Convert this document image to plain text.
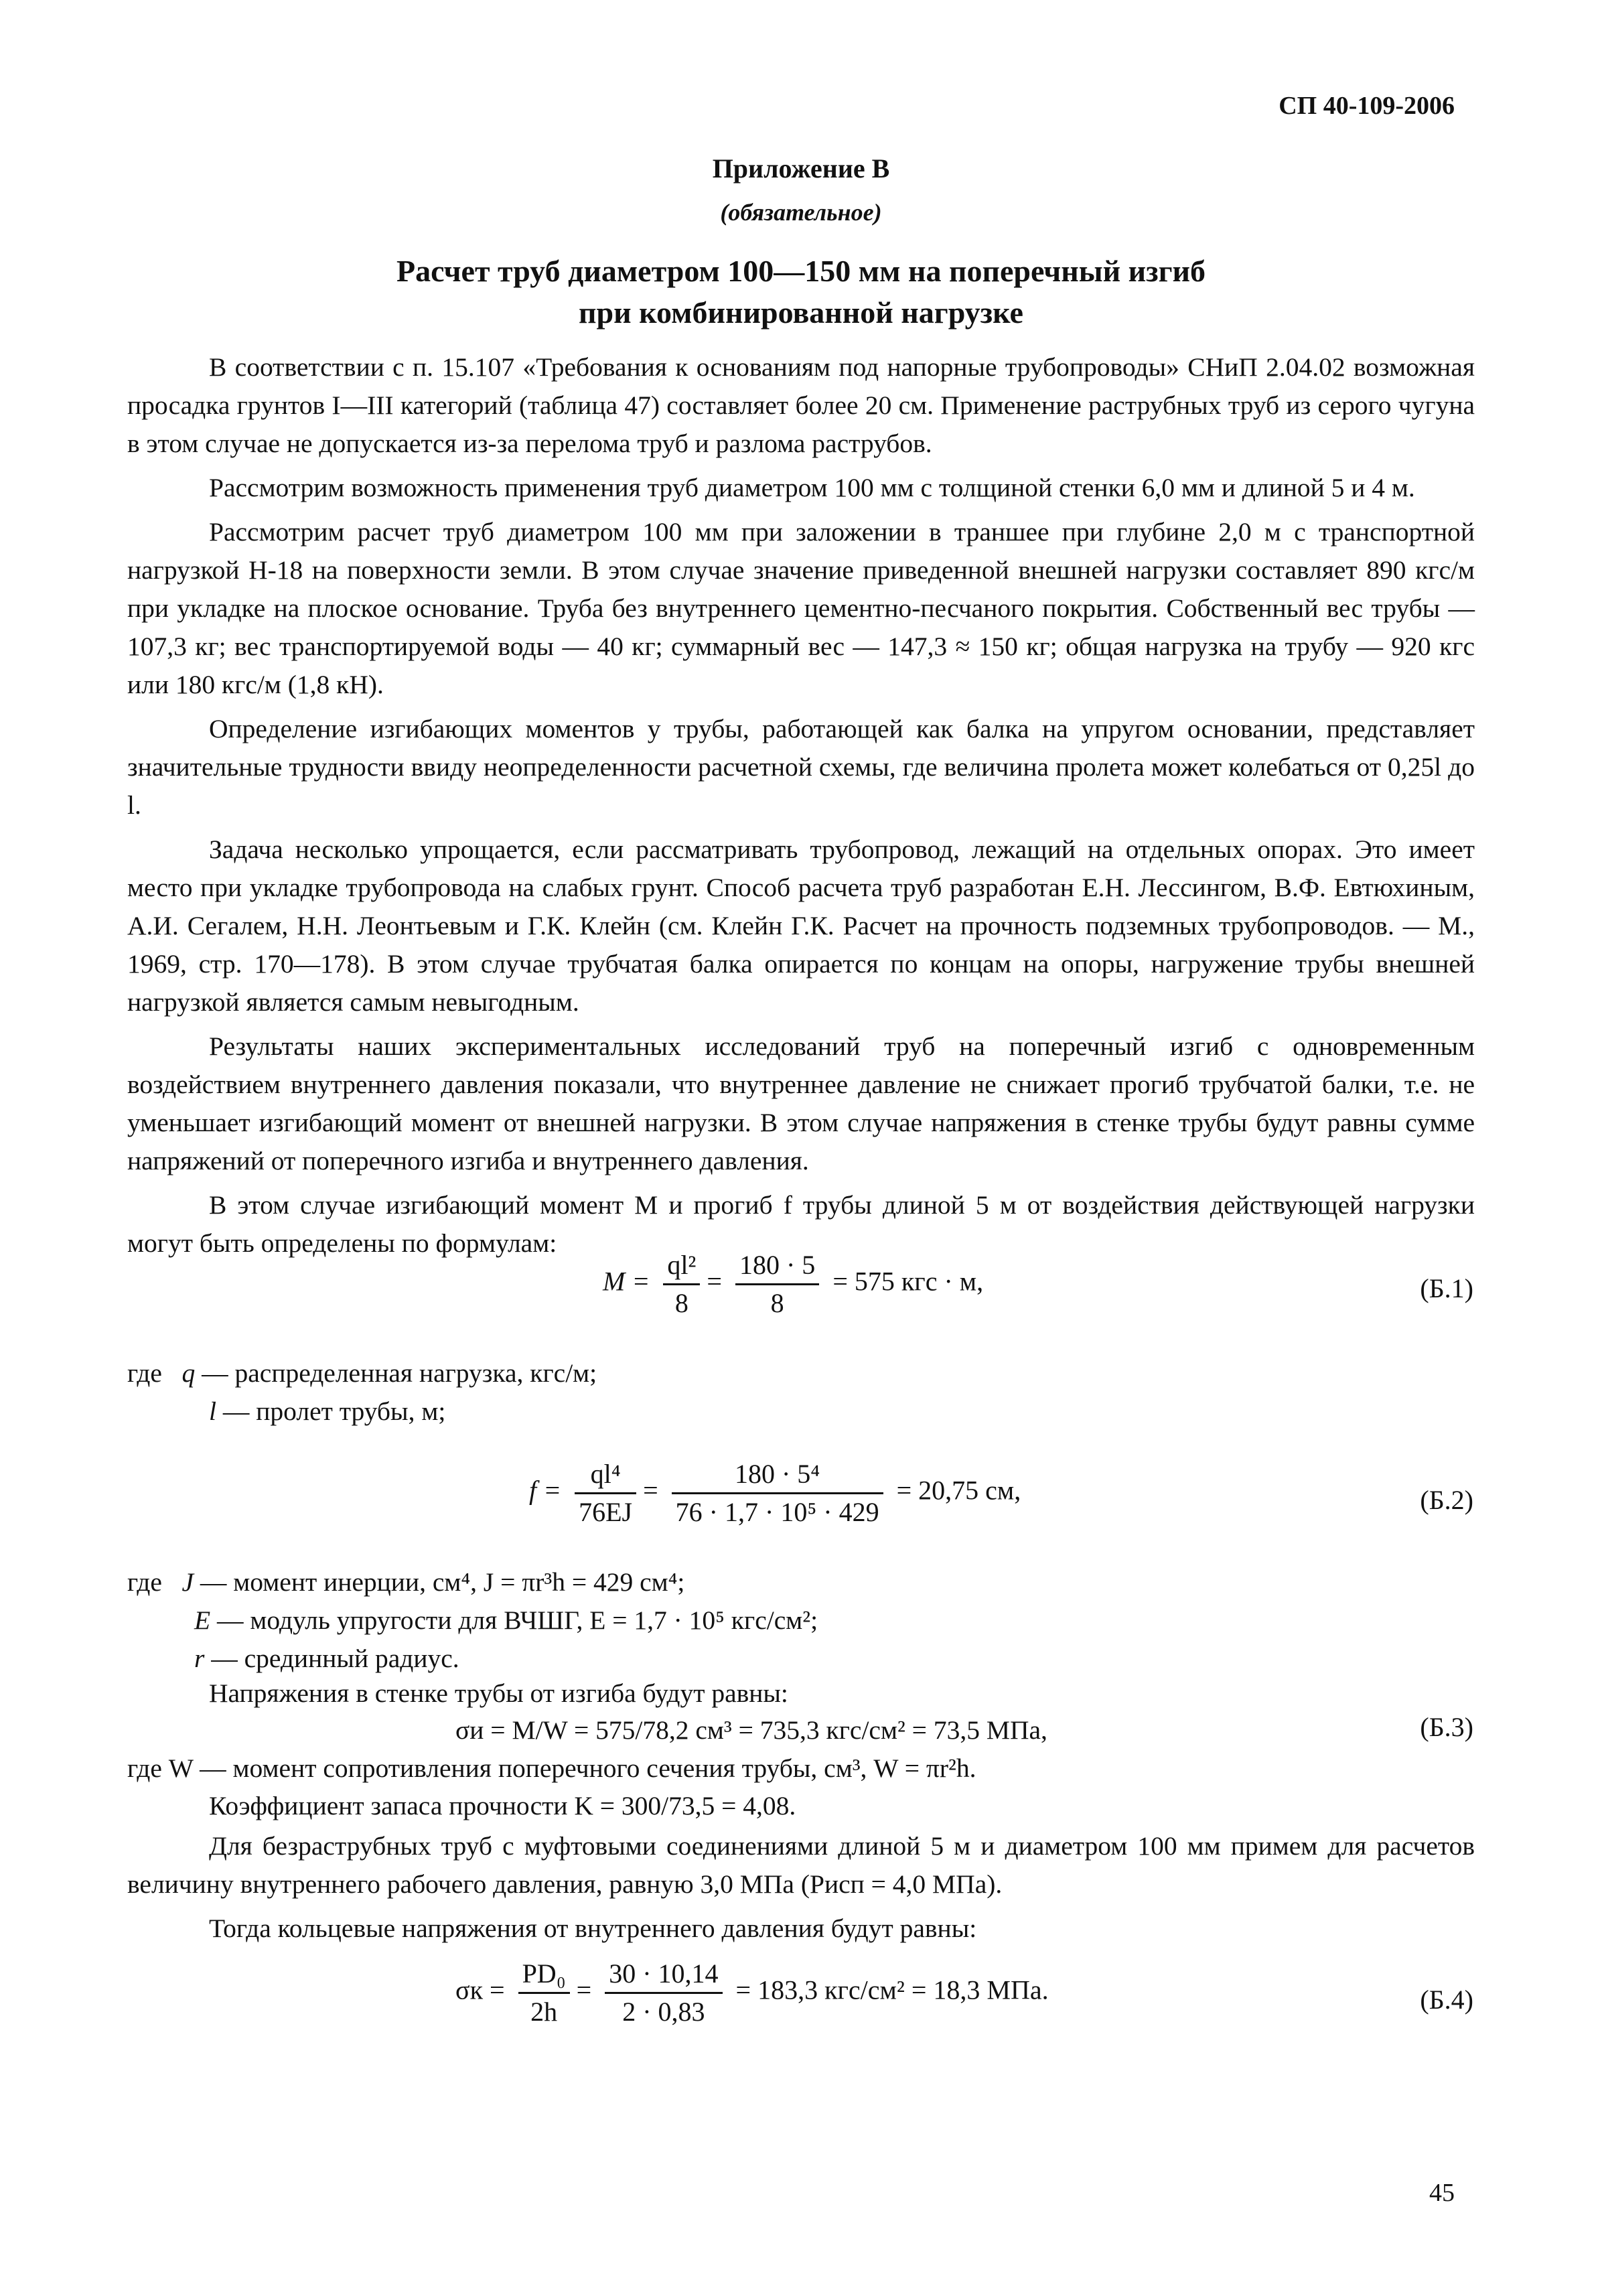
СП 40-109-2006
Приложение В
(обязательное)
Расчет труб диаметром 100—150 мм на поперечный изгиб
при комбинированной нагрузке

В соответствии с п. 15.107 «Требования к основаниям под напорные трубопроводы» СНиП 2.04.02 возможная просадка грунтов I—III категорий (таблица 47) составляет более 20 см. Применение раструбных труб из серого чугуна в этом случае не допускается из-за перелома труб и разлома раструбов.

Рассмотрим возможность применения труб диаметром 100 мм с толщиной стенки 6,0 мм и длиной 5 и 4 м.

Рассмотрим расчет труб диаметром 100 мм при заложении в траншее при глубине 2,0 м с транспортной нагрузкой Н-18 на поверхности земли. В этом случае значение приведенной внешней нагрузки составляет 890 кгс/м при укладке на плоское основание. Труба без внутреннего цементно-песчаного покрытия. Собственный вес трубы — 107,3 кг; вес транспортируемой воды — 40 кг; суммарный вес — 147,3 ≈ 150 кг; общая нагрузка на трубу — 920 кгс или 180 кгс/м (1,8 кН).

Определение изгибающих моментов у трубы, работающей как балка на упругом основании, представляет значительные трудности ввиду неопределенности расчетной схемы, где величина пролета может колебаться от 0,25l до l.

Задача несколько упрощается, если рассматривать трубопровод, лежащий на отдельных опорах. Это имеет место при укладке трубопровода на слабых грунт. Способ расчета труб разработан Е.Н. Лессингом, В.Ф. Евтюхиным, А.И. Сегалем, Н.Н. Леонтьевым и Г.К. Клейн (см. Клейн Г.К. Расчет на прочность подземных трубопроводов. — М., 1969, стр. 170—178). В этом случае трубчатая балка опирается по концам на опоры, нагружение трубы внешней нагрузкой является самым невыгодным.

Результаты наших экспериментальных исследований труб на поперечный изгиб с одновременным воздействием внутреннего давления показали, что внутреннее давление не снижает прогиб трубчатой балки, т.е. не уменьшает изгибающий момент от внешней нагрузки. В этом случае напряжения в стенке трубы будут равны сумме напряжений от поперечного изгиба и внутреннего давления.

В этом случае изгибающий момент М и прогиб f трубы длиной 5 м от воздействия действующей нагрузки могут быть определены по формулам:

$M = \frac{\text{ql²}}{8} = \frac{180 \cdot 5}{8} = 575$ кгс · м,	(Б.1)
где q — распределенная нагрузка, кгс/м;
l — пролет трубы, м;
$f = \frac{\text{ql⁴}}{76EJ} = \frac{\text{180 · 5⁴}}{\text{76 · 1,7 · 10⁵ · 429}} = 20,75$ см,	(Б.2)
где J — момент инерции, см⁴, J = πr³h = 429 см⁴;
E — модуль упругости для ВЧШГ, E = 1,7 · 10⁵ кгс/см²;
r — срединный радиус.
Напряжения в стенке трубы от изгиба будут равны:
σи = M/W = 575/78,2 см³ = 735,3 кгс/см² = 73,5 МПа,	(Б.3)
где W — момент сопротивления поперечного сечения трубы, см³, W = πr²h.
Коэффициент запаса прочности K = 300/73,5 = 4,08.

Для безраструбных труб с муфтовыми соединениями длиной 5 м и диаметром 100 мм примем для расчетов величину внутреннего рабочего давления, равную 3,0 МПа (Pисп = 4,0 МПа).

Тогда кольцевые напряжения от внутреннего давления будут равны:

$\sigma к = \frac{\text{PD₀}}{2h} = \frac{30 \cdot 10,14}{2 \cdot 0,83} = 183,3$ кгс/см² = 18,3 МПа.	(Б.4)
45
